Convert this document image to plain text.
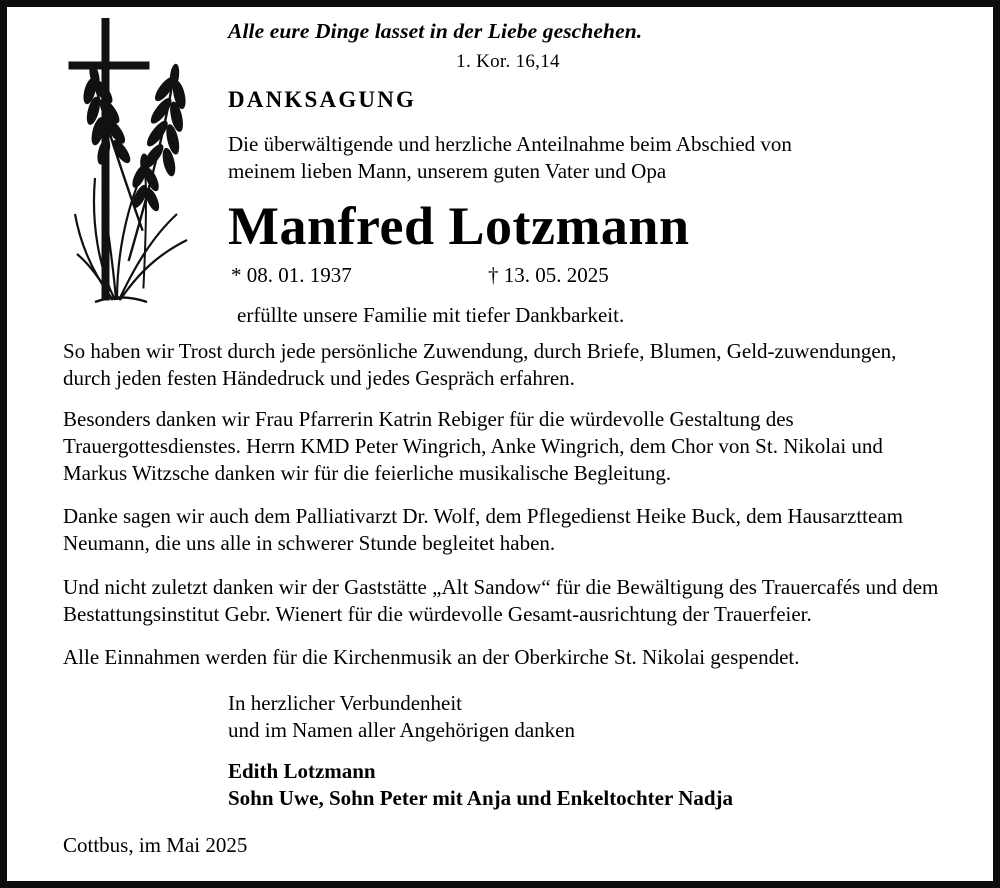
Alle eure Dinge lasset in der Liebe geschehen.
1. Kor. 16,14
DANKSAGUNG
Die überwältigende und herzliche Anteilnahme beim Abschied von
meinem lieben Mann, unserem guten Vater und Opa
Manfred Lotzmann
* 08. 01. 1937	† 13. 05. 2025
erfüllte unsere Familie mit tiefer Dankbarkeit.
So haben wir Trost durch jede persönliche Zuwendung, durch Briefe, Blumen, Geld-zuwendungen, durch jeden festen Händedruck und jedes Gespräch erfahren.
Besonders danken wir Frau Pfarrerin Katrin Rebiger für die würdevolle Gestaltung des Trauergottesdienstes. Herrn KMD Peter Wingrich, Anke Wingrich, dem Chor von St. Nikolai und Markus Witzsche danken wir für die feierliche musikalische Begleitung.
Danke sagen wir auch dem Palliativarzt Dr. Wolf, dem Pflegedienst Heike Buck, dem Hausarztteam Neumann, die uns alle in schwerer Stunde begleitet haben.
Und nicht zuletzt danken wir der Gaststätte „Alt Sandow“ für die Bewältigung des Trauercafés und dem Bestattungsinstitut Gebr. Wienert für die würdevolle Gesamt-ausrichtung der Trauerfeier.
Alle Einnahmen werden für die Kirchenmusik an der Oberkirche St. Nikolai gespendet.
In herzlicher Verbundenheit
und im Namen aller Angehörigen danken
Edith Lotzmann
Sohn Uwe, Sohn Peter mit Anja und Enkeltochter Nadja
Cottbus, im Mai 2025
